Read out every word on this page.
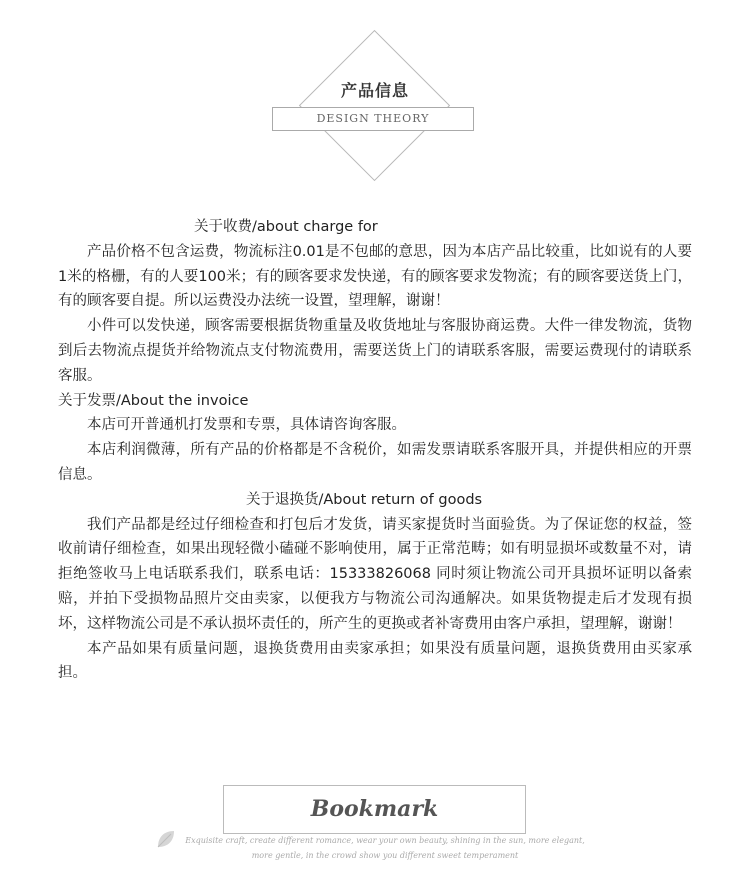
产品信息
DESIGN THEORY

关于收费/about charge for

产品价格不包含运费，物流标注0.01是不包邮的意思，因为本店产品比较重，比如说有的人要1米的格栅，有的人要100米；有的顾客要求发快递，有的顾客要求发物流；有的顾客要送货上门，有的顾客要自提。所以运费没办法统一设置，望理解，谢谢！

小件可以发快递，顾客需要根据货物重量及收货地址与客服协商运费。大件一律发物流，货物到后去物流点提货并给物流点支付物流费用，需要送货上门的请联系客服，需要运费现付的请联系客服。

关于发票/About the invoice

本店可开普通机打发票和专票，具体请咨询客服。

本店利润微薄，所有产品的价格都是不含税价，如需发票请联系客服开具，并提供相应的开票信息。

关于退换货/About return of goods

我们产品都是经过仔细检查和打包后才发货，请买家提货时当面验货。为了保证您的权益，签收前请仔细检查，如果出现轻微小磕碰不影响使用，属于正常范畴；如有明显损坏或数量不对，请拒绝签收马上电话联系我们，联系电话：15333826068 同时须让物流公司开具损坏证明以备索赔，并拍下受损物品照片交由卖家，以便我方与物流公司沟通解决。如果货物提走后才发现有损坏，这样物流公司是不承认损坏责任的，所产生的更换或者补寄费用由客户承担，望理解，谢谢！

本产品如果有质量问题，退换货费用由卖家承担；如果没有质量问题，退换货费用由买家承担。

Bookmark
Exquisite craft, create different romance, wear your own beauty, shining in the sun, more elegant, more gentle, in the crowd show you different sweet temperament
